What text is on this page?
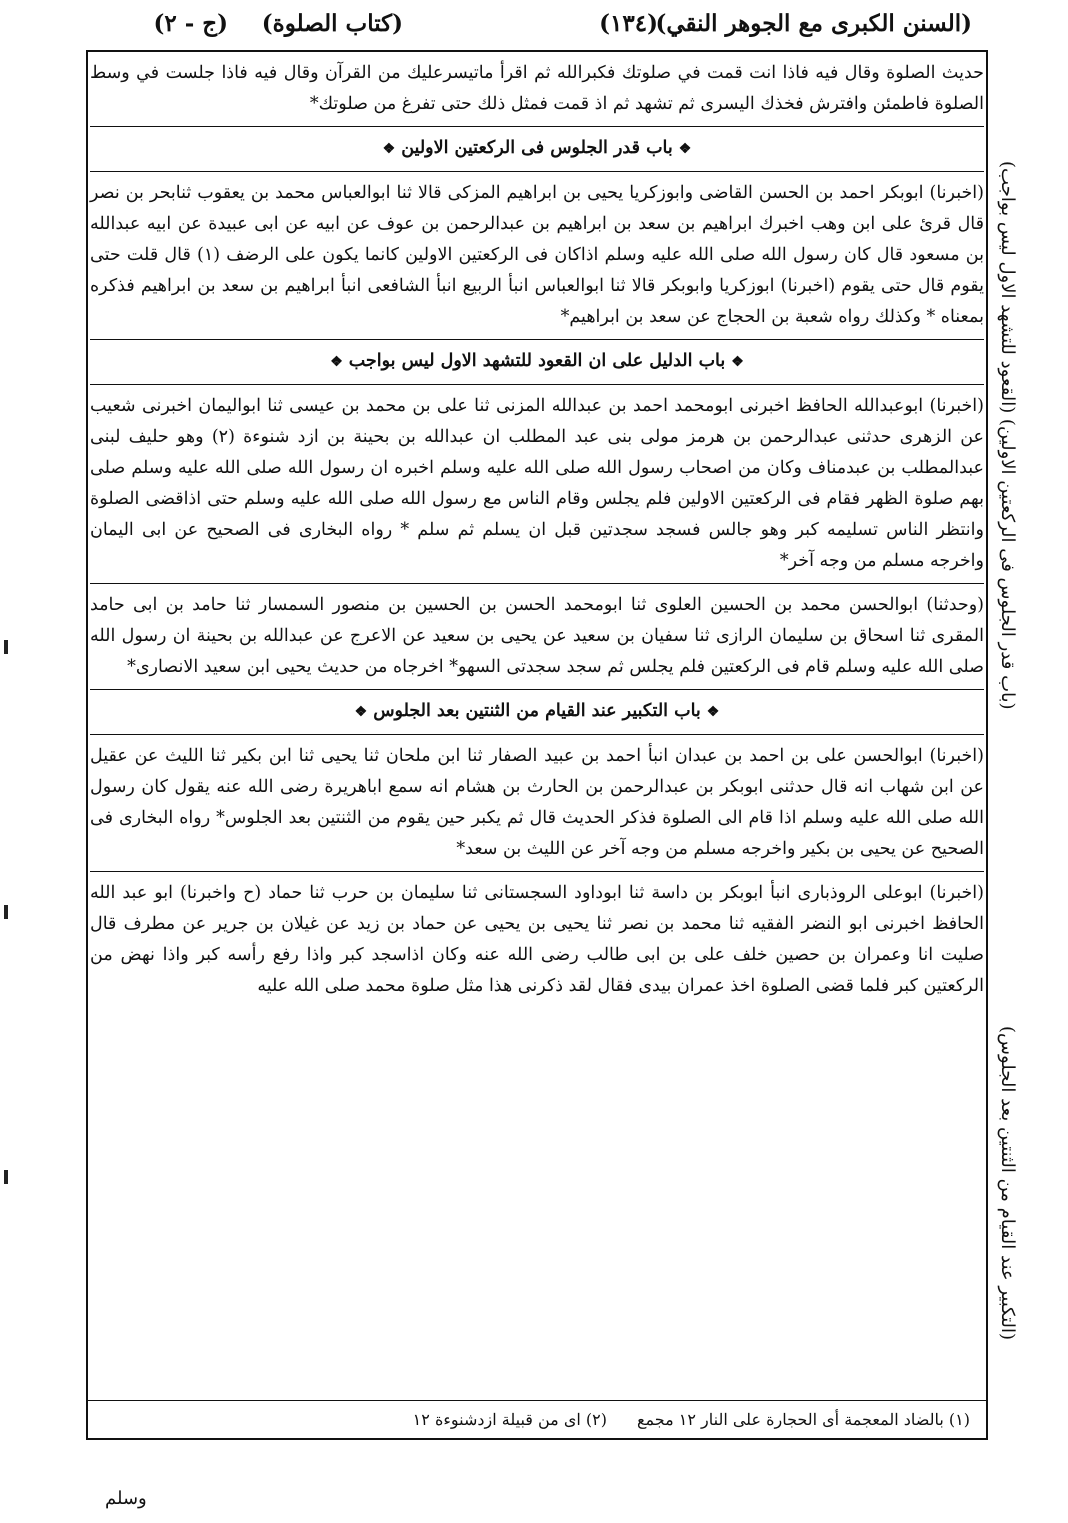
(السنن الكبرى مع الجوهر النقي)
(١٣٤)
(كتاب الصلوة)
(ج - ٢)

حديث الصلوة وقال فيه فاذا انت قمت في صلوتك فكبرالله ثم اقرأ ماتيسرعليك من القرآن وقال فيه فاذا جلست في وسط الصلوة فاطمئن وافترش فخذك اليسرى ثم تشهد ثم اذ قمت فمثل ذلك حتى تفرغ من صلوتك*

❖باب قدر الجلوس فى الركعتين الاولين❖

(اخبرنا) ابوبكر احمد بن الحسن القاضى وابوزكريا يحيى بن ابراهيم المزكى قالا ثنا ابوالعباس محمد بن يعقوب ثنابحر بن نصر قال قرئ على ابن وهب اخبرك ابراهيم بن سعد بن ابراهيم بن عبدالرحمن بن عوف عن ابيه عن ابى عبيدة عن ابيه عبدالله بن مسعود قال كان رسول الله صلى الله عليه وسلم اذاكان فى الركعتين الاولين كانما يكون على الرضف (١) قال قلت حتى يقوم قال حتى يقوم (اخبرنا) ابوزكريا وابوبكر قالا ثنا ابوالعباس انبأ الربيع انبأ الشافعى انبأ ابراهيم بن سعد بن ابراهيم فذكره بمعناه * وكذلك رواه شعبة بن الحجاج عن سعد بن ابراهيم*

❖باب الدليل على ان القعود للتشهد الاول ليس بواجب❖

(اخبرنا) ابوعبدالله الحافظ اخبرنى ابومحمد احمد بن عبدالله المزنى ثنا على بن محمد بن عيسى ثنا ابواليمان اخبرنى شعيب عن الزهرى حدثنى عبدالرحمن بن هرمز مولى بنى عبد المطلب ان عبدالله بن بحينة بن ازد شنوءة (٢) وهو حليف لبنى عبدالمطلب بن عبدمناف وكان من اصحاب رسول الله صلى الله عليه وسلم اخبره ان رسول الله صلى الله عليه وسلم صلى بهم صلوة الظهر فقام فى الركعتين الاولين فلم يجلس وقام الناس مع رسول الله صلى الله عليه وسلم حتى اذاقضى الصلوة وانتظر الناس تسليمه كبر وهو جالس فسجد سجدتين قبل ان يسلم ثم سلم * رواه البخارى فى الصحيح عن ابى اليمان واخرجه مسلم من وجه آخر*

(وحدثنا) ابوالحسن محمد بن الحسين العلوى ثنا ابومحمد الحسن بن الحسين بن منصور السمسار ثنا حامد بن ابى حامد المقرى ثنا اسحاق بن سليمان الرازى ثنا سفيان بن سعيد عن يحيى بن سعيد عن الاعرج عن عبدالله بن بحينة ان رسول الله صلى الله عليه وسلم قام فى الركعتين فلم يجلس ثم سجد سجدتى السهو* اخرجاه من حديث يحيى ابن سعيد الانصارى*

❖باب التكبير عند القيام من الثنتين بعد الجلوس❖

(اخبرنا) ابوالحسن على بن احمد بن عبدان انبأ احمد بن عبيد الصفار ثنا ابن ملحان ثنا يحيى ثنا ابن بكير ثنا الليث عن عقيل عن ابن شهاب انه قال حدثنى ابوبكر بن عبدالرحمن بن الحارث بن هشام انه سمع اباهريرة رضى الله عنه يقول كان رسول الله صلى الله عليه وسلم اذا قام الى الصلوة فذكر الحديث قال ثم يكبر حين يقوم من الثنتين بعد الجلوس* رواه البخارى فى الصحيح عن يحيى بن بكير واخرجه مسلم من وجه آخر عن الليث بن سعد*

(اخبرنا) ابوعلى الروذبارى انبأ ابوبكر بن داسة ثنا ابوداود السجستانى ثنا سليمان بن حرب ثنا حماد (ح واخبرنا) ابو عبد الله الحافظ اخبرنى ابو النضر الفقيه ثنا محمد بن نصر ثنا يحيى بن يحيى عن حماد بن زيد عن غيلان بن جرير عن مطرف قال صليت انا وعمران بن حصين خلف على بن ابى طالب رضى الله عنه وكان اذاسجد كبر واذا رفع رأسه كبر واذا نهض من الركعتين كبر فلما قضى الصلوة اخذ عمران بيدى فقال لقد ذكرنى هذا مثل صلوة محمد صلى الله عليه

(باب قدر الجلوس فى الركعتين الاولين) (القعود للتشهد الاول ليس بواجب)
(التكبير عند القيام من الثنتين بعد الجلوس)
(١) بالضاد المعجمة أى الحجارة على النار ١٢ مجمع
(٢) اى من قبيلة ازدشنوءة ١٢
وسلم
